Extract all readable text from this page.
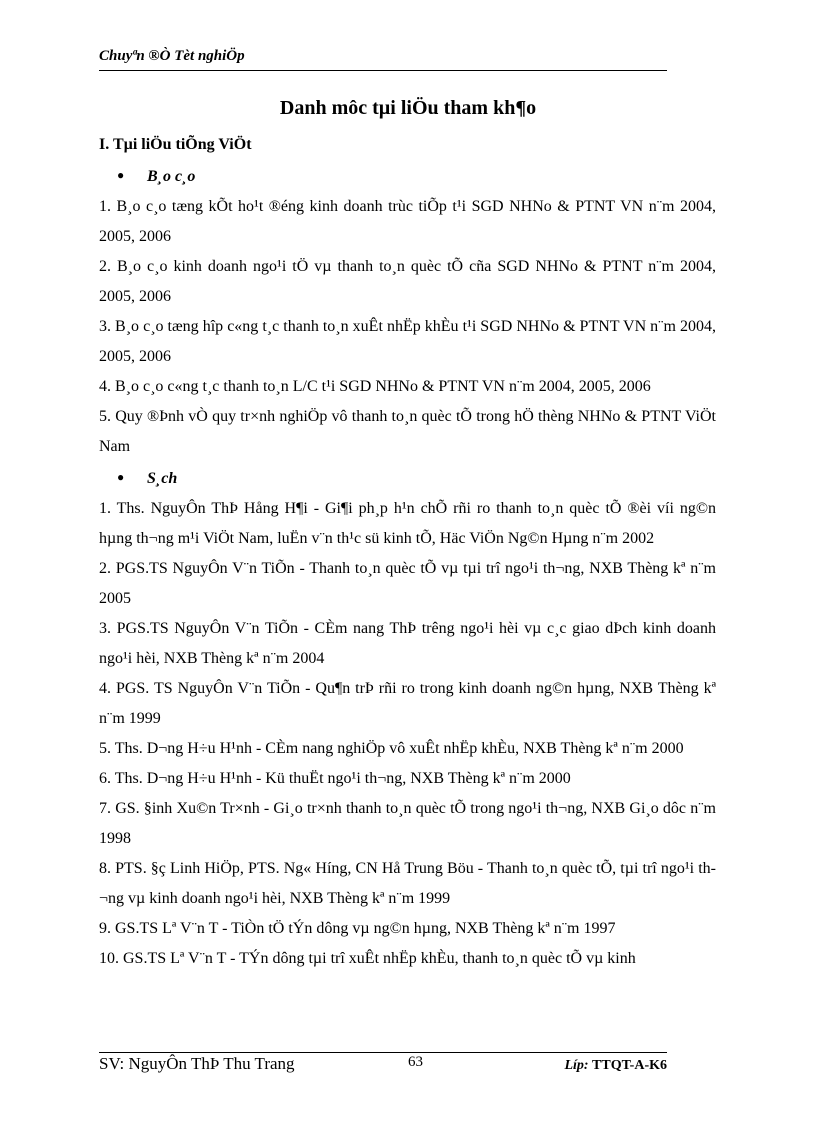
Chuyªn ®Ò Tèt nghiÖp
Danh môc tµi liÖu tham kh¶o

I. Tµi liÖu tiÕng ViÖt

● B¸o c¸o

1. B¸o c¸o tæng kÕt ho¹t ®éng kinh doanh trùc tiÕp t¹i SGD NHNo & PTNT VN n¨m 2004, 2005, 2006

2. B¸o c¸o kinh doanh ngo¹i tÖ vµ thanh to¸n quèc tÕ cña SGD NHNo & PTNT n¨m 2004, 2005, 2006

3. B¸o c¸o tæng hîp c«ng t¸c thanh to¸n xuÊt nhËp khÈu t¹i SGD NHNo & PTNT VN n¨m 2004, 2005, 2006

4. B¸o c¸o c«ng t¸c thanh to¸n L/C t¹i SGD NHNo & PTNT VN n¨m 2004, 2005, 2006

5. Quy ®Þnh vÒ quy tr×nh nghiÖp vô thanh to¸n quèc tÕ trong hÖ thèng NHNo & PTNT ViÖt Nam

● S¸ch

1. Ths. NguyÔn ThÞ Hång H¶i - Gi¶i ph¸p h¹n chÕ rñi ro thanh to¸n quèc tÕ ®èi víi ng©n hµng th¬ng m¹i ViÖt Nam, luËn v¨n th¹c sü kinh tÕ, Häc ViÖn Ng©n Hµng n¨m 2002

2. PGS.TS NguyÔn V¨n TiÕn - Thanh to¸n quèc tÕ vµ tµi trî ngo¹i th¬ng, NXB Thèng kª n¨m 2005

3. PGS.TS NguyÔn V¨n TiÕn - CÈm nang ThÞ trêng ngo¹i hèi vµ c¸c giao dÞch kinh doanh ngo¹i hèi, NXB Thèng kª n¨m 2004

4. PGS. TS NguyÔn V¨n TiÕn - Qu¶n trÞ rñi ro trong kinh doanh ng©n hµng, NXB Thèng kª n¨m 1999

5. Ths. D¬ng H÷u H¹nh - CÈm nang nghiÖp vô xuÊt nhËp khÈu, NXB Thèng kª n¨m 2000

6. Ths. D¬ng H÷u H¹nh - Kü thuËt ngo¹i th¬ng, NXB Thèng kª n¨m 2000

7. GS. §inh Xu©n Tr×nh - Gi¸o tr×nh thanh to¸n quèc tÕ trong ngo¹i th¬ng, NXB Gi¸o dôc n¨m 1998

8. PTS. §ç Linh HiÖp, PTS. Ng« Híng, CN Hå Trung Böu - Thanh to¸n quèc tÕ, tµi trî ngo¹i th¬ng vµ kinh doanh ngo¹i hèi, NXB Thèng kª n¨m 1999

9. GS.TS Lª V¨n T - TiÒn tÖ tÝn dông vµ ng©n hµng, NXB Thèng kª n¨m 1997

10. GS.TS Lª V¨n T - TÝn dông tµi trî xuÊt nhËp khÈu, thanh to¸n quèc tÕ vµ kinh

SV: NguyÔn ThÞ Thu Trang	63	Líp: TTQT-A-K6
